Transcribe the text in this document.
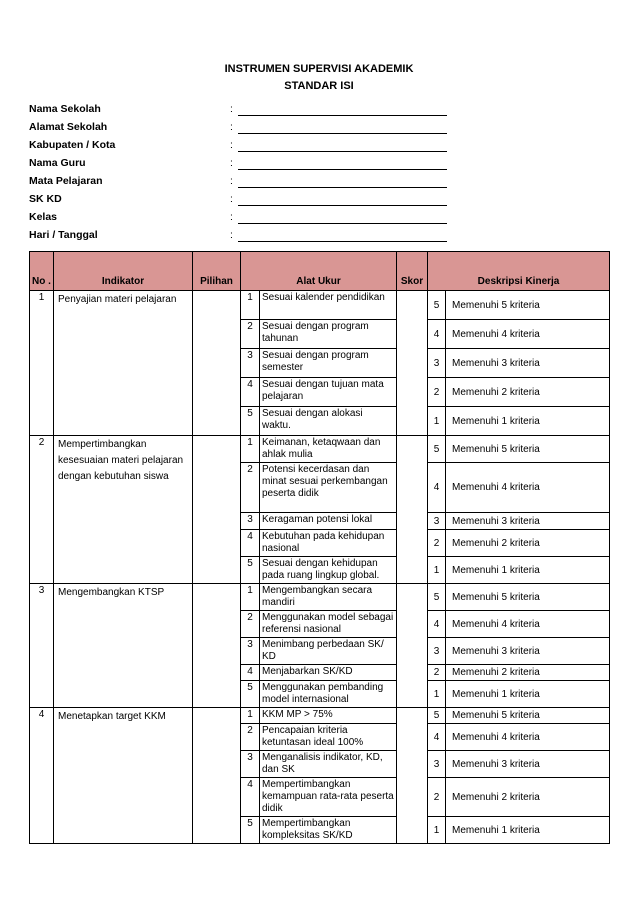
INSTRUMEN SUPERVISI AKADEMIK
STANDAR ISI
Nama Sekolah	:
Alamat Sekolah	:
Kabupaten / Kota	:
Nama Guru	:
Mata Pelajaran	:
SK KD	:
Kelas	:
Hari / Tanggal	:
No .	Indikator	Pilihan	Alat Ukur		Skor	Deskripsi Kinerja	
1	Penyajian materi pelajaran		1	Sesuai kalender pendidikan		5	Memenuhi 5 kriteria
			2	Sesuai dengan program tahunan		4	Memenuhi 4 kriteria
			3	Sesuai dengan program semester		3	Memenuhi 3 kriteria
			4	Sesuai dengan tujuan mata pelajaran		2	Memenuhi 2 kriteria
			5	Sesuai dengan alokasi waktu.		1	Memenuhi 1 kriteria
2	Mempertimbangkan kesesuaian materi pelajaran dengan kebutuhan siswa		1	Keimanan, ketaqwaan dan ahlak mulia		5	Memenuhi 5 kriteria
			2	Potensi kecerdasan dan minat sesuai perkembangan peserta didik		4	Memenuhi 4 kriteria
			3	Keragaman potensi lokal		3	Memenuhi 3 kriteria
			4	Kebutuhan pada kehidupan nasional		2	Memenuhi 2 kriteria
			5	Sesuai dengan kehidupan pada ruang lingkup global.		1	Memenuhi 1 kriteria
3	Mengembangkan KTSP		1	Mengembangkan secara mandiri		5	Memenuhi 5 kriteria
			2	Menggunakan model sebagai referensi nasional		4	Memenuhi 4 kriteria
			3	Menimbang perbedaan SK/ KD		3	Memenuhi 3 kriteria
			4	Menjabarkan SK/KD		2	Memenuhi 2 kriteria
			5	Menggunakan pembanding model internasional		1	Memenuhi 1 kriteria
4	Menetapkan target KKM		1	KKM MP > 75%		5	Memenuhi 5 kriteria
			2	Pencapaian kriteria ketuntasan ideal 100%		4	Memenuhi 4 kriteria
			3	Menganalisis indikator, KD, dan SK		3	Memenuhi 3 kriteria
			4	Mempertimbangkan kemampuan rata-rata peserta didik		2	Memenuhi 2 kriteria
			5	Mempertimbangkan kompleksitas SK/KD		1	Memenuhi 1 kriteria
